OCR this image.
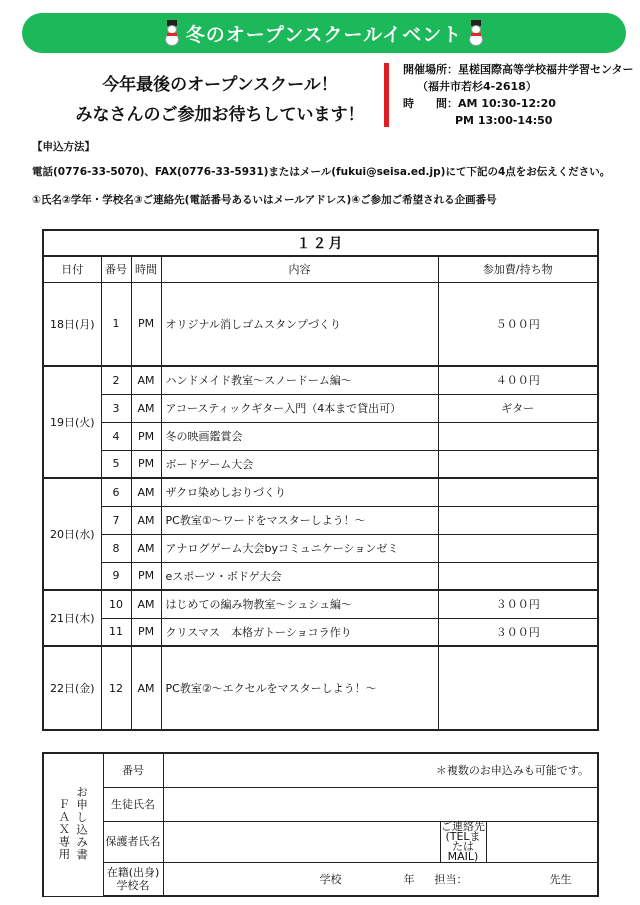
冬のオープンスクールイベント
今年最後のオープンスクール！
みなさんのご参加お待ちしています！
開催場所：星槎国際高等学校福井学習センター
（福井市若杉4-2618）
時　　間：AM 10:30-12:20
PM 13:00-14:50
【申込方法】
電話(0776-33-5070)、FAX(0776-33-5931)またはメール(fukui@seisa.ed.jp)にて下記の4点をお伝えください。
①氏名②学年・学校名③ご連絡先(電話番号あるいはメールアドレス)④ご参加ご希望される企画番号
１２月				
日付	番号	時間	内容	参加費/持ち物
18日(月)	1	PM	オリジナル消しゴムスタンプづくり	５００円
19日(火)	2	AM	ハンドメイド教室～スノードーム編～	４００円
	3	AM	アコースティックギター入門（4本まで貸出可）	ギター
	4	PM	冬の映画鑑賞会	
	5	PM	ボードゲーム大会	
20日(水)	6	AM	ザクロ染めしおりづくり	
	7	AM	PC教室①～ワードをマスターしよう！～	
	8	AM	アナログゲーム大会byコミュニケーションゼミ	
	9	PM	eスポーツ・ボドゲ大会	
21日(木)	10	AM	はじめての編み物教室～シュシュ編～	３００円
	11	PM	クリスマス　本格ガトーショコラ作り	３００円
22日(金)	12	AM	PC教室②～エクセルをマスターしよう！～	
ＦＡＸ専用 お申し込み書	番号	＊複数のお申込みも可能です。		
	生徒氏名			
	保護者氏名		ご連絡先(TELまたはMAIL)	
	在籍(出身)学校名	学校 年 担当： 先生		
